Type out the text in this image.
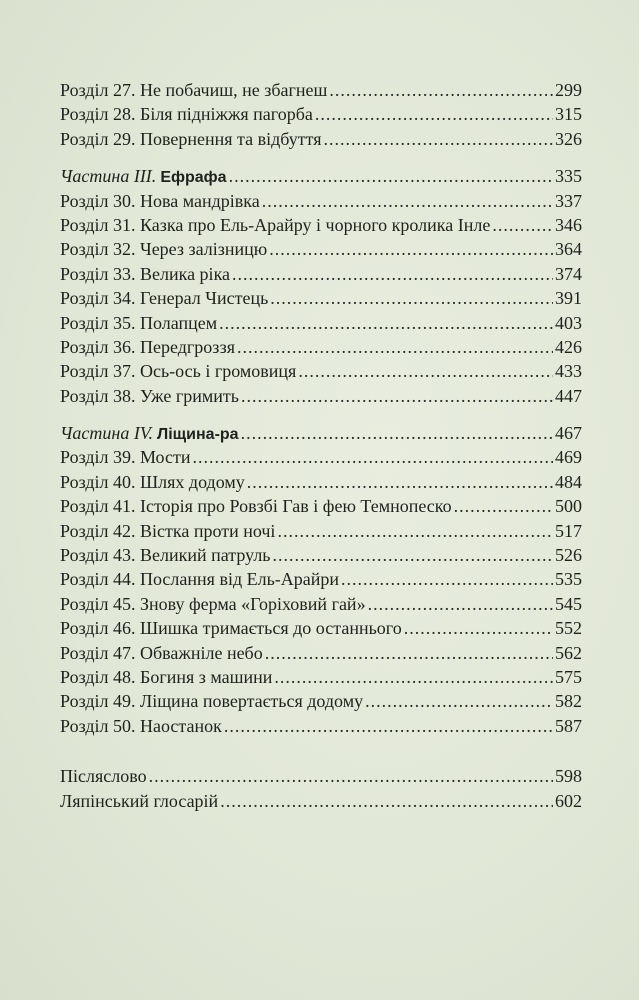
Розділ 27. Не побачиш, не збагнеш .....	299
Розділ 28. Біля підніжжя пагорба .....	315
Розділ 29. Повернення та відбуття .....	326
Частина III. Ефрафа .....	335
Розділ 30. Нова мандрівка .....	337
Розділ 31. Казка про Ель-Арайру і чорного кролика Інле .....	346
Розділ 32. Через залізницю .....	364
Розділ 33. Велика ріка .....	374
Розділ 34. Генерал Чистець .....	391
Розділ 35. Полапцем .....	403
Розділ 36. Передгроззя .....	426
Розділ 37. Ось-ось і громовиця .....	433
Розділ 38. Уже гримить .....	447
Частина IV. Ліщина-ра .....	467
Розділ 39. Мости .....	469
Розділ 40. Шлях додому .....	484
Розділ 41. Історія про Ровзбі Гав і фею Темнопеско .....	500
Розділ 42. Вістка проти ночі .....	517
Розділ 43. Великий патруль .....	526
Розділ 44. Послання від Ель-Арайри .....	535
Розділ 45. Знову ферма «Горіховий гай» .....	545
Розділ 46. Шишка тримається до останнього .....	552
Розділ 47. Обважніле небо .....	562
Розділ 48. Богиня з машини .....	575
Розділ 49. Ліщина повертається додому .....	582
Розділ 50. Наостанок .....	587
Післяслово .....	598
Ляпінський глосарій .....	602
